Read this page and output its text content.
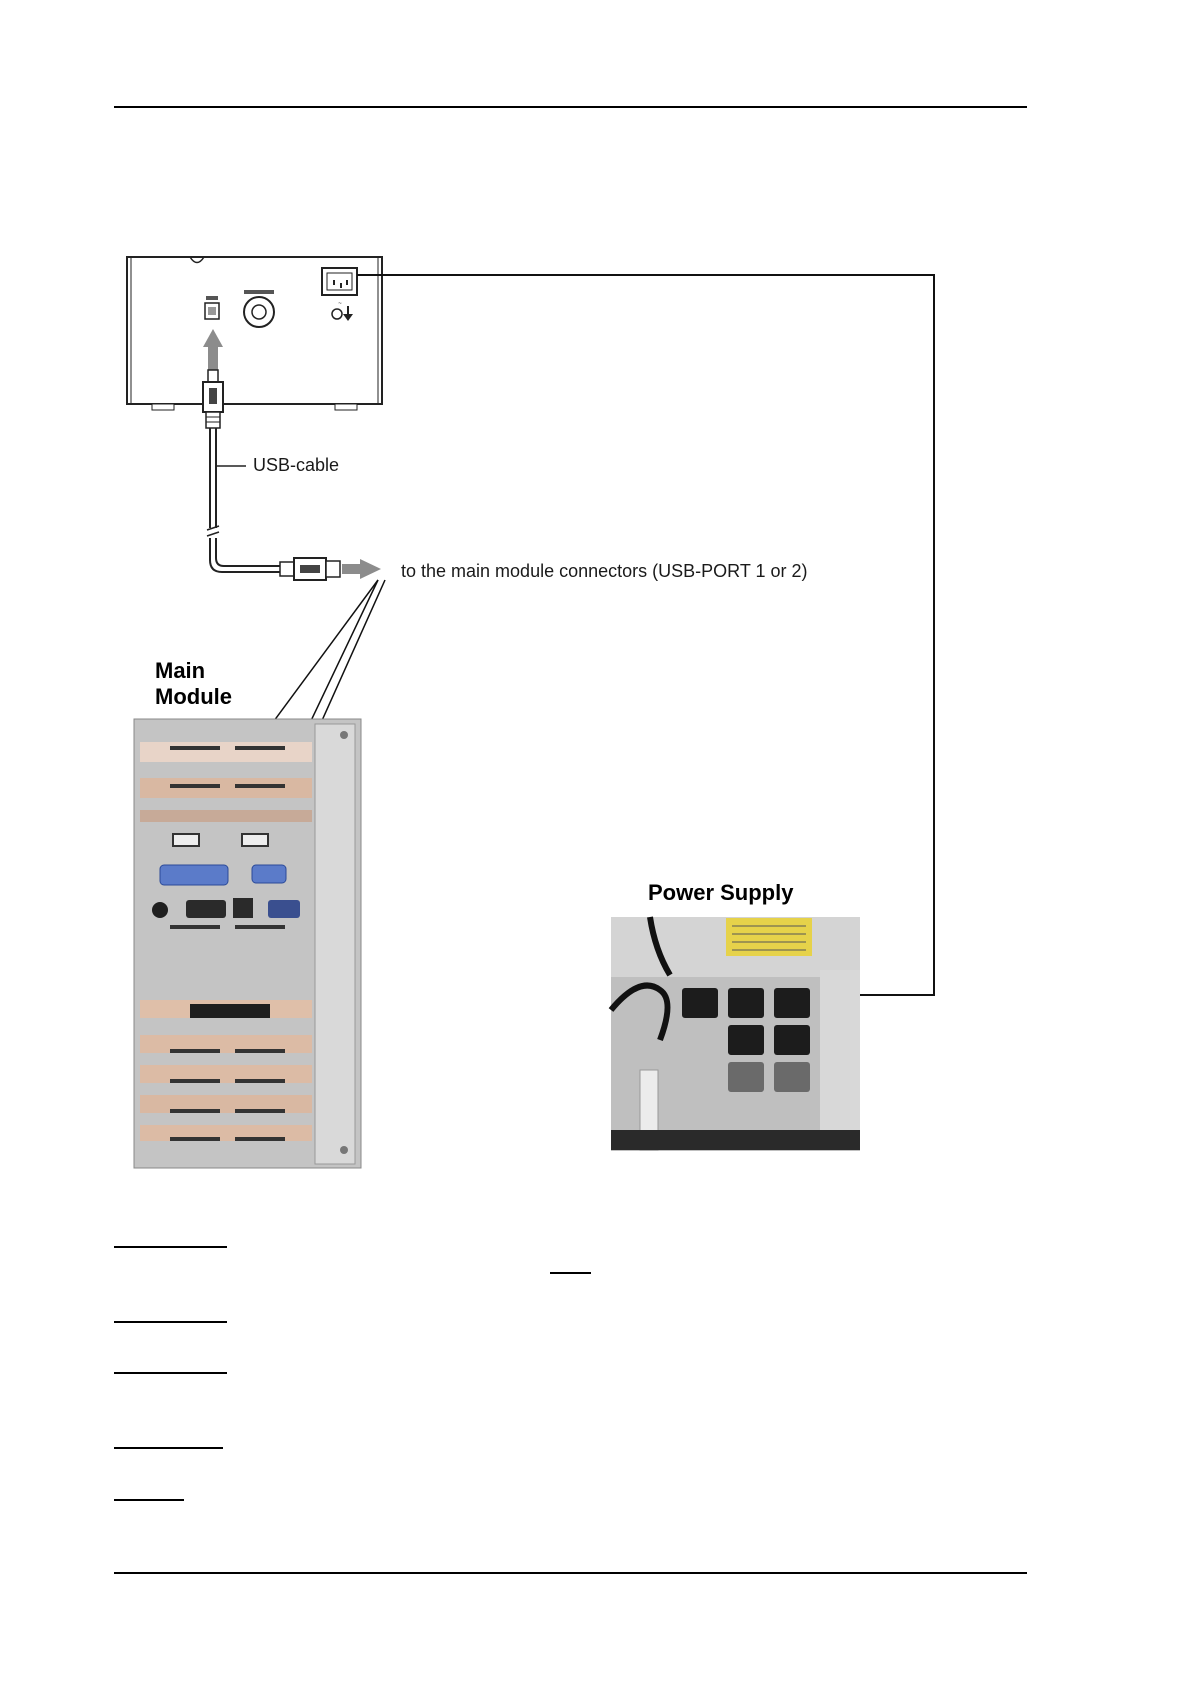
~
USB-cable
to the main module connectors (USB-PORT 1 or 2)
Main
Module
Power Supply
